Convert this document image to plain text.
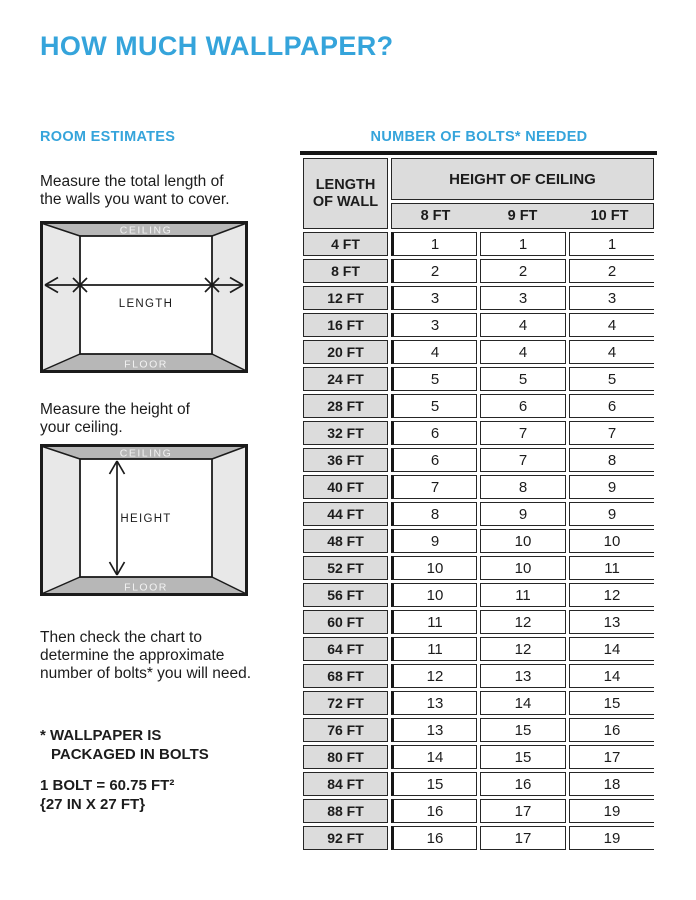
HOW MUCH WALLPAPER?
ROOM ESTIMATES

Measure the total length of
the walls you want to cover.

CEILING
FLOOR
LENGTH

Measure the height of
your ceiling.

CEILING
FLOOR
HEIGHT

Then check the chart to
determine the approximate
number of bolts* you will need.

* WALLPAPER IS
PACKAGED IN BOLTS

1 BOLT = 60.75 FT²
{27 IN X 27 FT}

NUMBER OF BOLTS* NEEDED
LENGTH
OF WALL	HEIGHT OF CEILING		

	8 FT 9 FT 10 FT		

4 FT	1	1	1
8 FT	2	2	2
12 FT	3	3	3
16 FT	3	4	4
20 FT	4	4	4
24 FT	5	5	5
28 FT	5	6	6
32 FT	6	7	7
36 FT	6	7	8
40 FT	7	8	9
44 FT	8	9	9
48 FT	9	10	10
52 FT	10	10	11
56 FT	10	11	12
60 FT	11	12	13
64 FT	11	12	14
68 FT	12	13	14
72 FT	13	14	15
76 FT	13	15	16
80 FT	14	15	17
84 FT	15	16	18
88 FT	16	17	19
92 FT	16	17	19
